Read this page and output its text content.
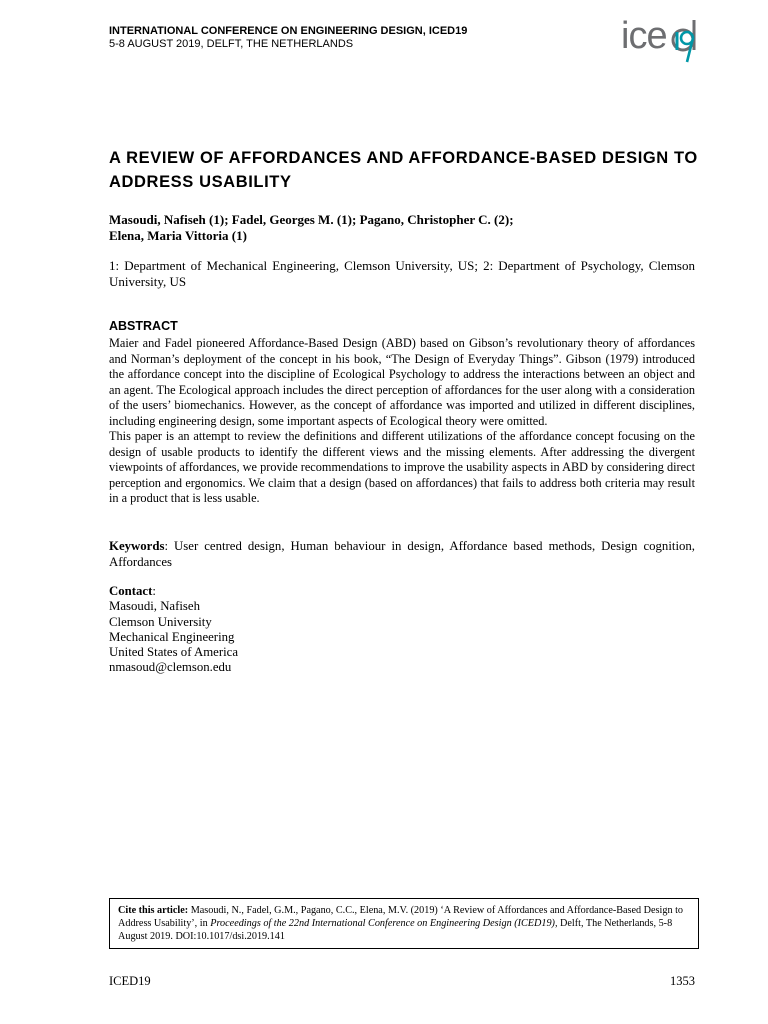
INTERNATIONAL CONFERENCE ON ENGINEERING DESIGN, ICED19
5-8 AUGUST 2019, DELFT, THE NETHERLANDS	ice
A REVIEW OF AFFORDANCES AND AFFORDANCE-BASED DESIGN TO ADDRESS USABILITY
Masoudi, Nafiseh (1); Fadel, Georges M. (1); Pagano, Christopher C. (2);
Elena, Maria Vittoria (1)
1: Department of Mechanical Engineering, Clemson University, US; 2: Department of Psychology, Clemson University, US
ABSTRACT

Maier and Fadel pioneered Affordance-Based Design (ABD) based on Gibson’s revolutionary theory of affordances and Norman’s deployment of the concept in his book, “The Design of Everyday Things”. Gibson (1979) introduced the affordance concept into the discipline of Ecological Psychology to address the interactions between an object and an agent. The Ecological approach includes the direct perception of affordances for the user along with a consideration of the users’ biomechanics. However, as the concept of affordance was imported and utilized in different disciplines, including engineering design, some important aspects of Ecological theory were omitted.

This paper is an attempt to review the definitions and different utilizations of the affordance concept focusing on the design of usable products to identify the different views and the missing elements. After addressing the divergent viewpoints of affordances, we provide recommendations to improve the usability aspects in ABD by considering direct perception and ergonomics. We claim that a design (based on affordances) that fails to address both criteria may result in a product that is less usable.

Keywords: User centred design, Human behaviour in design, Affordance based methods, Design cognition, Affordances
Contact:
Masoudi, Nafiseh
Clemson University
Mechanical Engineering
United States of America
nmasoud@clemson.edu
Cite this article: Masoudi, N., Fadel, G.M., Pagano, C.C., Elena, M.V. (2019) ‘A Review of Affordances and Affordance-Based Design to Address Usability’, in Proceedings of the 22nd International Conference on Engineering Design (ICED19), Delft, The Netherlands, 5-8 August 2019. DOI:10.1017/dsi.2019.141
ICED19	1353
